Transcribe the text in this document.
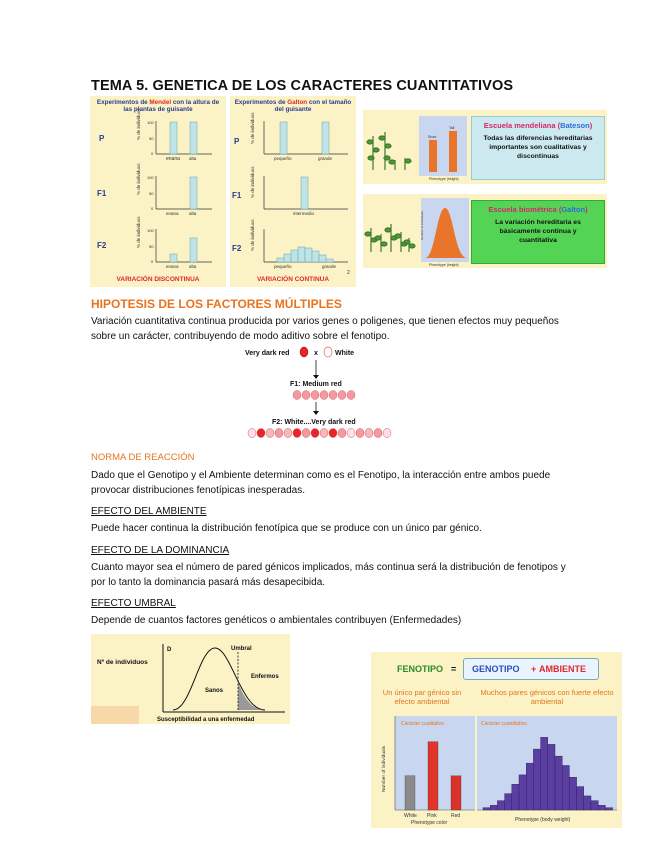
TEMA 5. GENETICA DE LOS CARACTERES CUANTITATIVOS
Experimentos de Mendel con la altura de las plantas de guisante
P
enana alta
F1
enana alta
F2
enana alta
% de individuos
% de individuos
% de individuos
100
50
0
100
50
0
100
50
0
VARIACIÓN DISCONTINUA
Experimentos de Galton con el tamaño del guisante
P
F1
F2
% de individuos
% de individuos
% de individuos
pequeño	grande
intermedio
pequeño	grande
2
VARIACIÓN CONTINUA
Short
Tall
Phenotype (height)
Escuela mendeliana (Bateson)
Todas las diferencias hereditarias importantes son cualitativas y discontinuas
Number of individuals
Phenotype (height)
Escuela biométrica (Galton)
La variación hereditaria es básicamente continua y cuantitativa
HIPOTESIS DE LOS FACTORES MÚLTIPLES
Variación cuantitativa continua producida por varios genes o poligenes, que tienen efectos muy pequeños sobre un carácter, contribuyendo de modo aditivo sobre el fenotipo.
Very dark red	x White
F1: Medium red
F2: White....Very dark red
NORMA DE REACCIÓN
Dado que el Genotipo y el Ambiente determinan como es el Fenotipo, la interacción entre ambos puede provocar distribuciones fenotípicas inesperadas.
EFECTO DEL AMBIENTE
Puede hacer continua la distribución fenotípica que se produce con un único par génico.
EFECTO DE LA DOMINANCIA
Cuanto mayor sea el número de pared génicos implicados, más continua será la distribución de fenotipos y por lo tanto la dominancia pasará más desapecibida.
EFECTO UMBRAL
Depende de cuantos factores genéticos o ambientales contribuyen (Enfermedades)
Nº de individuos
D	Umbral
Enfermos
Sanos
Susceptibilidad a una enfermedad
FENOTIPO = GENOTIPO + AMBIENTE
Un único par génico sin efecto ambiental
Muchos pares génicos con fuerte efecto ambiental
Carácter cualitativo	Carácter cuantitativo
Number of individuals
White Pink	Red
Phenotype color	Phenotype (body weight)
